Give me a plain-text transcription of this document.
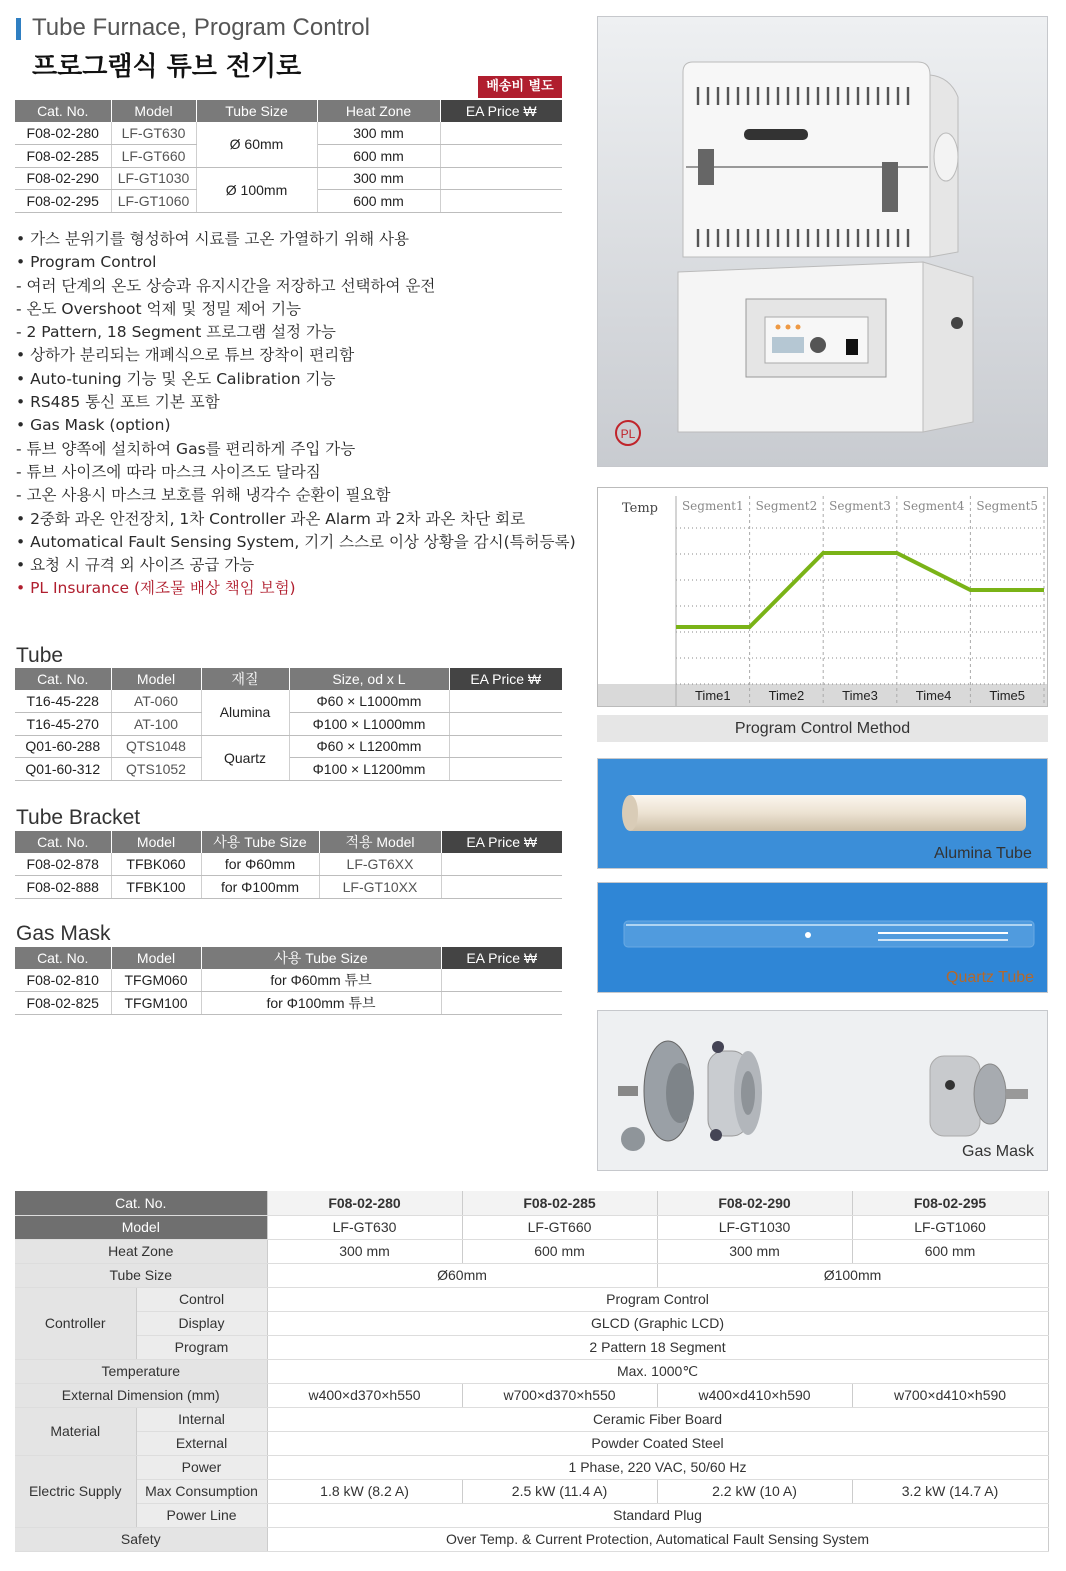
Tube Furnace, Program Control
프로그램식 튜브 전기로
배송비 별도
Cat. No.	Model	Tube Size	Heat Zone	EA Price ₩
F08-02-280	LF-GT630	Ø 60mm	300 mm	
F08-02-285	LF-GT660		600 mm	
F08-02-290	LF-GT1030	Ø 100mm	300 mm	
F08-02-295	LF-GT1060		600 mm	
• 가스 분위기를 형성하여 시료를 고온 가열하기 위해 사용
• Program Control
- 여러 단계의 온도 상승과 유지시간을 저장하고 선택하여 운전
- 온도 Overshoot 억제 및 정밀 제어 기능
- 2 Pattern, 18 Segment 프로그램 설정 가능
• 상하가 분리되는 개폐식으로 튜브 장착이 편리함
• Auto-tuning 기능 및 온도 Calibration 기능
• RS485 통신 포트 기본 포함
• Gas Mask (option)
- 튜브 양쪽에 설치하여 Gas를 편리하게 주입 가능
- 튜브 사이즈에 따라 마스크 사이즈도 달라짐
- 고온 사용시 마스크 보호를 위해 냉각수 순환이 필요함
• 2중화 과온 안전장치, 1차 Controller 과온 Alarm 과 2차 과온 차단 회로
• Automatical Fault Sensing System, 기기 스스로 이상 상황을 감시(특허등록)
• 요청 시 규격 외 사이즈 공급 가능
• PL Insurance (제조물 배상 책임 보험)
Tube
Cat. No.	Model	재질	Size, od x L	EA Price ₩
T16-45-228	AT-060	Alumina	Φ60 × L1000mm	
T16-45-270	AT-100		Φ100 × L1000mm	
Q01-60-288	QTS1048	Quartz	Φ60 × L1200mm	
Q01-60-312	QTS1052		Φ100 × L1200mm	
Tube Bracket
Cat. No.	Model	사용 Tube Size	적용 Model	EA Price ₩
F08-02-878	TFBK060	for Φ60mm	LF-GT6XX	
F08-02-888	TFBK100	for Φ100mm	LF-GT10XX	
Gas Mask
Cat. No.	Model	사용 Tube Size	EA Price ₩
F08-02-810	TFGM060	for Φ60mm 튜브	
F08-02-825	TFGM100	for Φ100mm 튜브	
PL
Temp Segment1 Segment2 Segment3 Segment4 Segment5
Time1	Time2	Time3	Time4	Time5
Program Control Method
Alumina Tube
Quartz Tube
Gas Mask
Cat. No.		F08-02-280	F08-02-285	F08-02-290	F08-02-295
Model		LF-GT630	LF-GT660	LF-GT1030	LF-GT1060
Heat Zone		300 mm	600 mm	300 mm	600 mm
Tube Size		Ø60mm		Ø100mm	
Controller	Control	Program Control			
	Display	GLCD (Graphic LCD)			
	Program	2 Pattern 18 Segment			
Temperature		Max. 1000℃			
External Dimension (mm)		w400×d370×h550	w700×d370×h550	w400×d410×h590	w700×d410×h590
Material	Internal	Ceramic Fiber Board			
	External	Powder Coated Steel			
Electric Supply	Power	1 Phase, 220 VAC, 50/60 Hz			
	Max Consumption	1.8 kW (8.2 A)	2.5 kW (11.4 A)	2.2 kW (10 A)	3.2 kW (14.7 A)
	Power Line	Standard Plug			
Safety		Over Temp. & Current Protection, Automatical Fault Sensing System			
